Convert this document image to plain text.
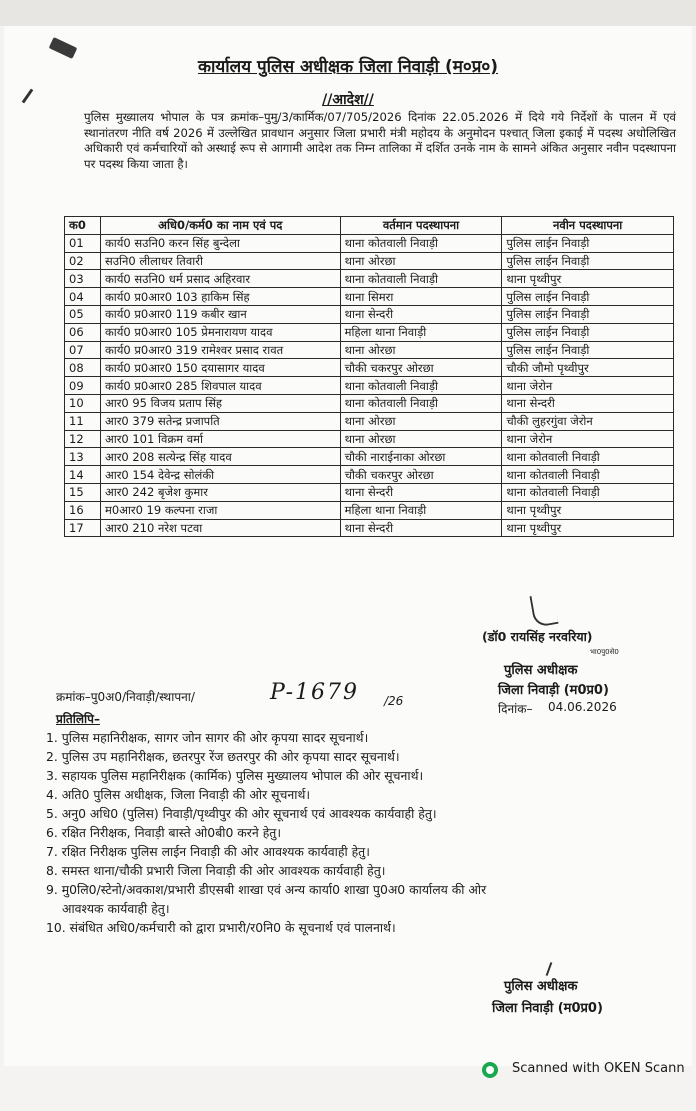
कार्यालय पुलिस अधीक्षक जिला निवाड़ी (म०प्र०)
//आदेश//

पुलिस मुख्यालय भोपाल के पत्र क्रमांक–पुमु/3/कार्मिक/07/705/2026 दिनांक 22.05.2026 में दिये गये निर्देशों के पालन में एवं स्थानांतरण नीति वर्ष 2026 में उल्लेखित प्रावधान अनुसार जिला प्रभारी मंत्री महोदय के अनुमोदन पश्चात् जिला इकाई में पदस्थ अधोलिखित अधिकारी एवं कर्मचारियों को अस्थाई रूप से आगामी आदेश तक निम्न तालिका में दर्शित उनके नाम के सामने अंकित अनुसार नवीन पदस्थापना पर पदस्थ किया जाता है।

क0	अधि0/कर्म0 का नाम एवं पद	वर्तमान पदस्थापना	नवीन पदस्थापना
01	कार्य0 सउनि0 करन सिंह बुन्देला	थाना कोतवाली निवाड़ी	पुलिस लाईन निवाड़ी
02	सउनि0 लीलाधर तिवारी	थाना ओरछा	पुलिस लाईन निवाड़ी
03	कार्य0 सउनि0 धर्म प्रसाद अहिरवार	थाना कोतवाली निवाड़ी	थाना पृथ्वीपुर
04	कार्य0 प्र0आर0 103 हाकिम सिंह	थाना सिमरा	पुलिस लाईन निवाड़ी
05	कार्य0 प्र0आर0 119 कबीर खान	थाना सेन्दरी	पुलिस लाईन निवाड़ी
06	कार्य0 प्र0आर0 105 प्रेमनारायण यादव	महिला थाना निवाड़ी	पुलिस लाईन निवाड़ी
07	कार्य0 प्र0आर0 319 रामेश्वर प्रसाद रावत	थाना ओरछा	पुलिस लाईन निवाड़ी
08	कार्य0 प्र0आर0 150 दयासागर यादव	चौकी चकरपुर ओरछा	चौकी जौमो पृथ्वीपुर
09	कार्य0 प्र0आर0 285 शिवपाल यादव	थाना कोतवाली निवाड़ी	थाना जेरोन
10	आर0 95 विजय प्रताप सिंह	थाना कोतवाली निवाड़ी	थाना सेन्दरी
11	आर0 379 सतेन्द्र प्रजापति	थाना ओरछा	चौकी लुहरगुंवा जेरोन
12	आर0 101 विक्रम वर्मा	थाना ओरछा	थाना जेरोन
13	आर0 208 सत्येन्द्र सिंह यादव	चौकी नाराईनाका ओरछा	थाना कोतवाली निवाड़ी
14	आर0 154 देवेन्द्र सोलंकी	चौकी चकरपुर ओरछा	थाना कोतवाली निवाड़ी
15	आर0 242 बृजेश कुमार	थाना सेन्दरी	थाना कोतवाली निवाड़ी
16	म0आर0 19 कल्पना राजा	महिला थाना निवाड़ी	थाना पृथ्वीपुर
17	आर0 210 नरेश पटवा	थाना सेन्दरी	थाना पृथ्वीपुर
(डॉ0 रायसिंह नरवरिया)
भा0पु0से0
पुलिस अधीक्षक
जिला निवाड़ी (म0प्र0)
दिनांक– 04.06.2026
क्रमांक–पु0अ0/निवाड़ी/स्थापना/	P-1679 /26
प्रतिलिपि–
1. पुलिस महानिरीक्षक, सागर जोन सागर की ओर कृपया सादर सूचनार्थ।
2. पुलिस उप महानिरीक्षक, छतरपुर रेंज छतरपुर की ओर कृपया सादर सूचनार्थ।
3. सहायक पुलिस महानिरीक्षक (कार्मिक) पुलिस मुख्यालय भोपाल की ओर सूचनार्थ।
4. अति0 पुलिस अधीक्षक, जिला निवाड़ी की ओर सूचनार्थ।
5. अनु0 अधि0 (पुलिस) निवाड़ी/पृथ्वीपुर की ओर सूचनार्थ एवं आवश्यक कार्यवाही हेतु।
6. रक्षित निरीक्षक, निवाड़ी बास्ते ओ0बी0 करने हेतु।
7. रक्षित निरीक्षक पुलिस लाईन निवाड़ी की ओर आवश्यक कार्यवाही हेतु।
8. समस्त थाना/चौकी प्रभारी जिला निवाड़ी की ओर आवश्यक कार्यवाही हेतु।
9. मु0लि0/स्टेनो/अवकाश/प्रभारी डीएसबी शाखा एवं अन्य कार्या0 शाखा पु0अ0 कार्यालय की ओर
आवश्यक कार्यवाही हेतु।
10. संबंधित अधि0/कर्मचारी को द्वारा प्रभारी/र0नि0 के सूचनार्थ एवं पालनार्थ।
पुलिस अधीक्षक
जिला निवाड़ी (म0प्र0)
Scanned with OKEN Scann
